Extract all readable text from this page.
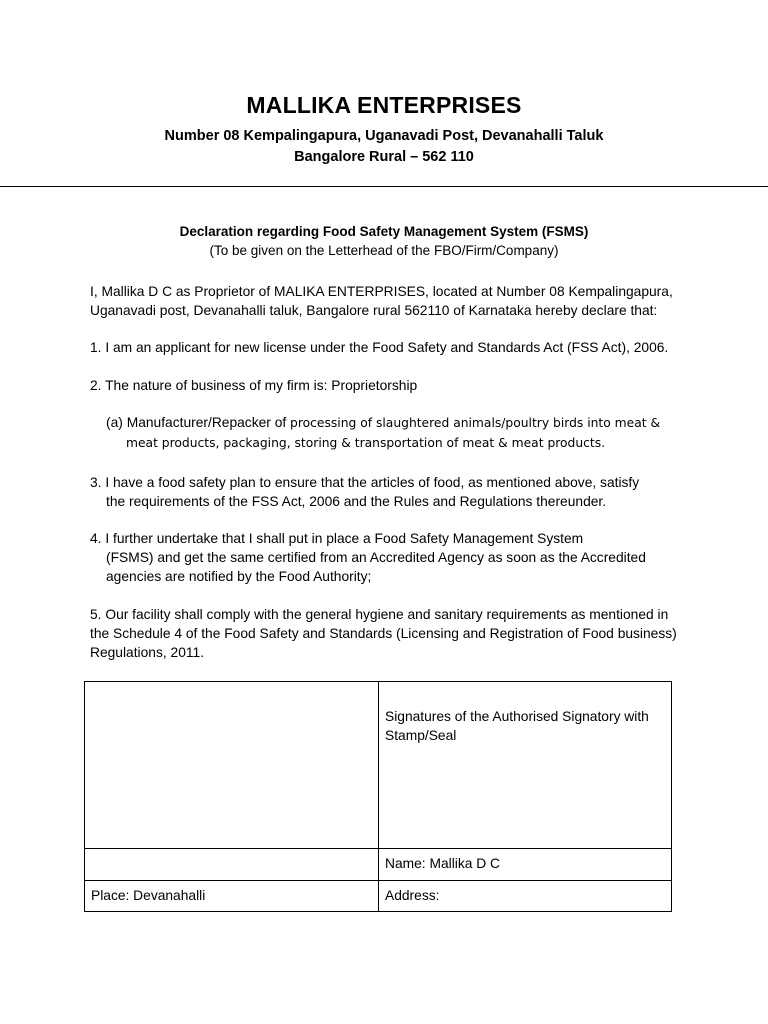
MALLIKA ENTERPRISES
Number 08 Kempalingapura, Uganavadi Post, Devanahalli Taluk
Bangalore Rural – 562 110
Declaration regarding Food Safety Management System (FSMS)
(To be given on the Letterhead of the FBO/Firm/Company)
I, Mallika D C as Proprietor of MALIKA ENTERPRISES, located at Number 08 Kempalingapura,
Uganavadi post, Devanahalli taluk, Bangalore rural 562110 of Karnataka hereby declare that:
1. I am an applicant for new license under the Food Safety and Standards Act (FSS Act), 2006.
2. The nature of business of my firm is: Proprietorship
(a) Manufacturer/Repacker of processing of slaughtered animals/poultry birds into meat &
meat products, packaging, storing & transportation of meat & meat products.
3. I have a food safety plan to ensure that the articles of food, as mentioned above, satisfy
the requirements of the FSS Act, 2006 and the Rules and Regulations thereunder.
4. I further undertake that I shall put in place a Food Safety Management System
(FSMS) and get the same certified from an Accredited Agency as soon as the Accredited
agencies are notified by the Food Authority;
5. Our facility shall comply with the general hygiene and sanitary requirements as mentioned in
the Schedule 4 of the Food Safety and Standards (Licensing and Registration of Food business)
Regulations, 2011.
Signatures of the Authorised Signatory with
Stamp/Seal
Name: Mallika D C
Place: Devanahalli	Address:
